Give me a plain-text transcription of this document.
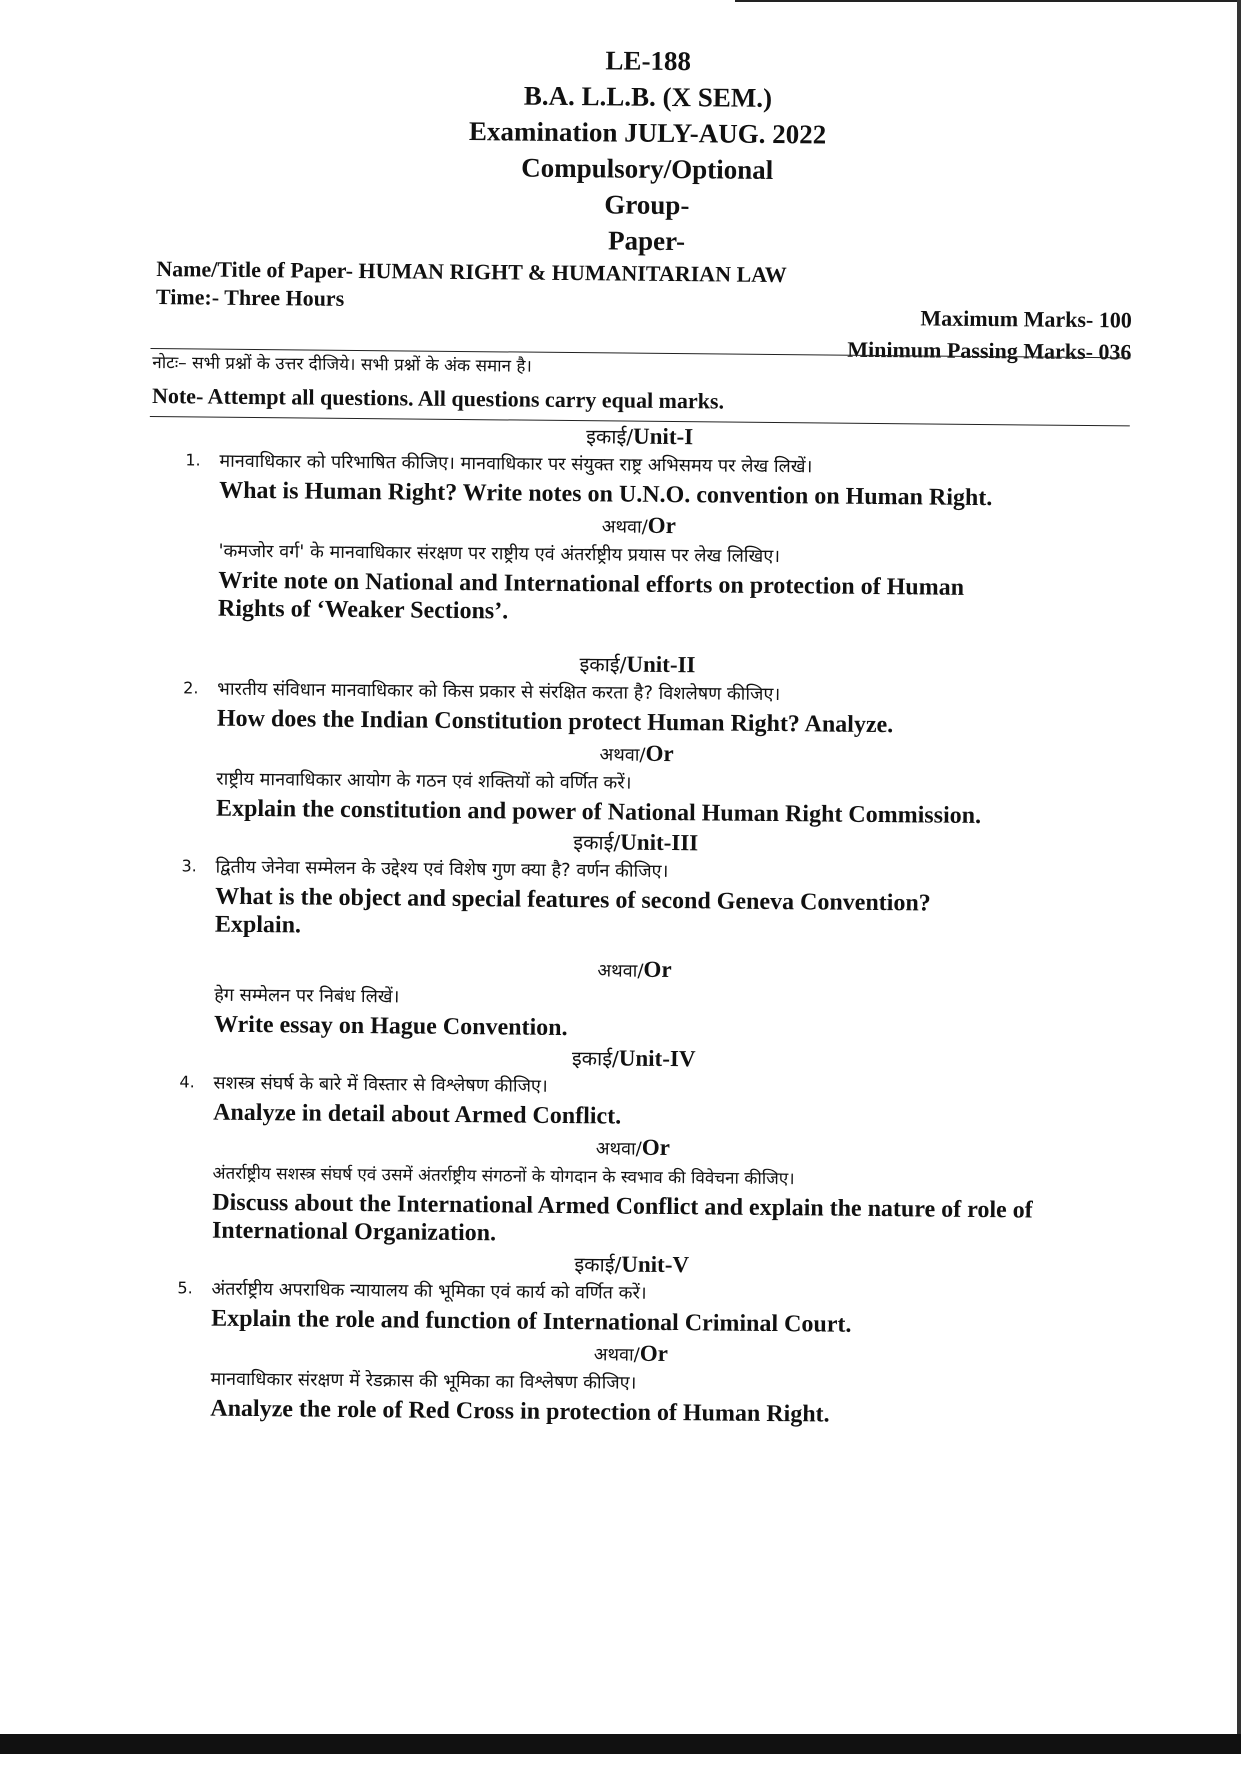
LE-188
B.A. L.L.B. (X SEM.)
Examination JULY-AUG. 2022
Compulsory/Optional
Group-
Paper-
Name/Title of Paper- HUMAN RIGHT & HUMANITARIAN LAW
Time:- Three Hours
Maximum Marks- 100
Minimum Passing Marks- 036
नोटः– सभी प्रश्नों के उत्तर दीजिये। सभी प्रश्नों के अंक समान है।
Note- Attempt all questions. All questions carry equal marks.
इकाई/Unit-I
1. मानवाधिकार को परिभाषित कीजिए। मानवाधिकार पर संयुक्त राष्ट्र अभिसमय पर लेख लिखें।
What is Human Right? Write notes on U.N.O. convention on Human Right.
अथवा/Or
'कमजोर वर्ग' के मानवाधिकार संरक्षण पर राष्ट्रीय एवं अंतर्राष्ट्रीय प्रयास पर लेख लिखिए।
Write note on National and International efforts on protection of Human Rights of ‘Weaker Sections’.
इकाई/Unit-II
2. भारतीय संविधान मानवाधिकार को किस प्रकार से संरक्षित करता है? विशलेषण कीजिए।
How does the Indian Constitution protect Human Right? Analyze.
अथवा/Or
राष्ट्रीय मानवाधिकार आयोग के गठन एवं शक्तियों को वर्णित करें।
Explain the constitution and power of National Human Right Commission.
इकाई/Unit-III
3. द्वितीय जेनेवा सम्मेलन के उद्देश्य एवं विशेष गुण क्या है? वर्णन कीजिए।
What is the object and special features of second Geneva Convention? Explain.
अथवा/Or
हेग सम्मेलन पर निबंध लिखें।
Write essay on Hague Convention.
इकाई/Unit-IV
4. सशस्त्र संघर्ष के बारे में विस्तार से विश्लेषण कीजिए।
Analyze in detail about Armed Conflict.
अथवा/Or
अंतर्राष्ट्रीय सशस्त्र संघर्ष एवं उसमें अंतर्राष्ट्रीय संगठनों के योगदान के स्वभाव की विवेचना कीजिए।
Discuss about the International Armed Conflict and explain the nature of role of International Organization.
इकाई/Unit-V
5. अंतर्राष्ट्रीय अपराधिक न्यायालय की भूमिका एवं कार्य को वर्णित करें।
Explain the role and function of International Criminal Court.
अथवा/Or
मानवाधिकार संरक्षण में रेडक्रास की भूमिका का विश्लेषण कीजिए।
Analyze the role of Red Cross in protection of Human Right.
